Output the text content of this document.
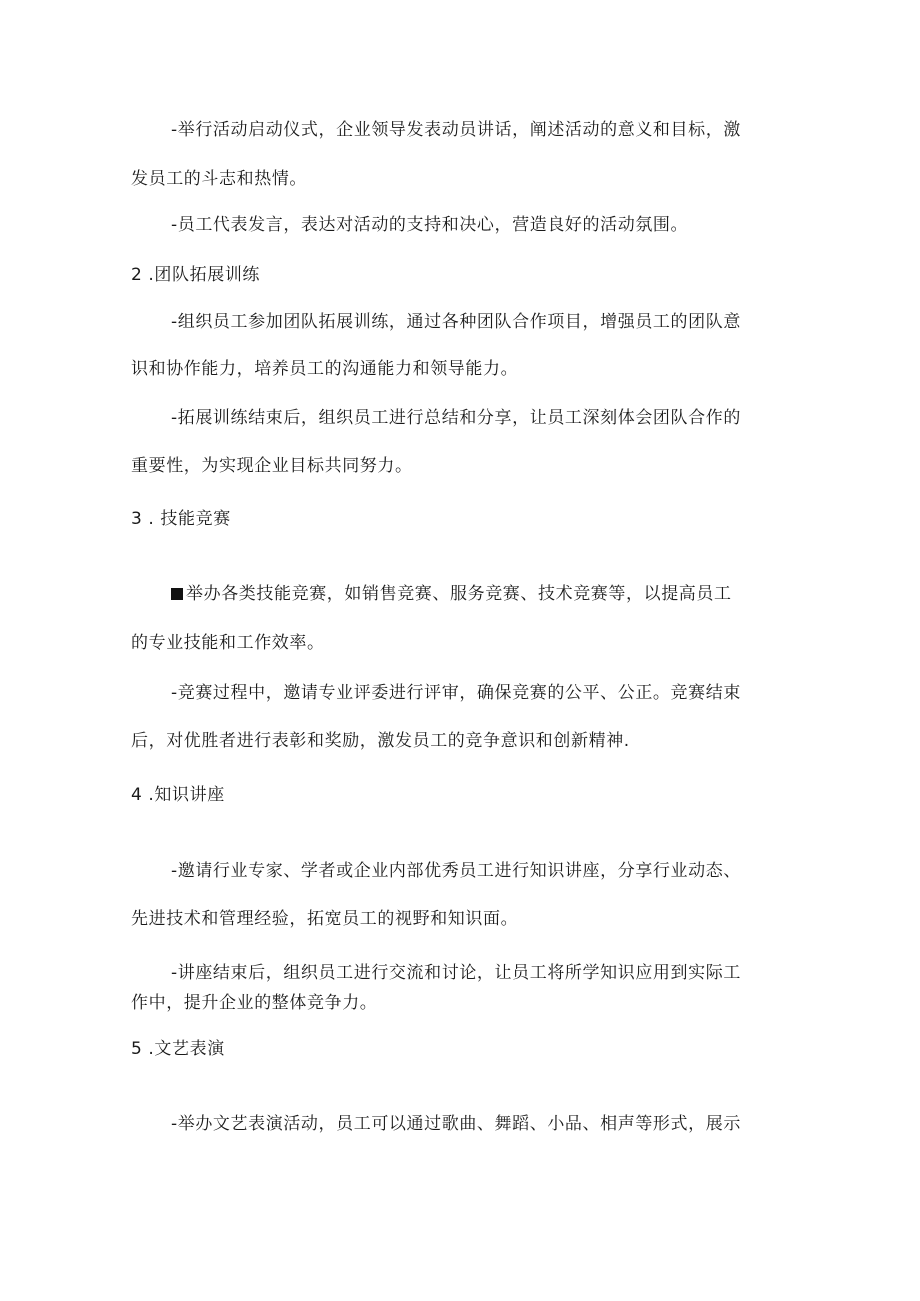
-举行活动启动仪式，企业领导发表动员讲话，阐述活动的意义和目标，激
发员工的斗志和热情。
-员工代表发言，表达对活动的支持和决心，营造良好的活动氛围。
2 .团队拓展训练
-组织员工参加团队拓展训练，通过各种团队合作项目，增强员工的团队意
识和协作能力，培养员工的沟通能力和领导能力。
-拓展训练结束后，组织员工进行总结和分享，让员工深刻体会团队合作的
重要性，为实现企业目标共同努力。
3 . 技能竞赛
举办各类技能竞赛，如销售竞赛、服务竞赛、技术竞赛等，以提高员工
的专业技能和工作效率。
-竞赛过程中，邀请专业评委进行评审，确保竞赛的公平、公正。竞赛结束
后，对优胜者进行表彰和奖励，激发员工的竞争意识和创新精神.
4 .知识讲座
-邀请行业专家、学者或企业内部优秀员工进行知识讲座，分享行业动态、
先进技术和管理经验，拓宽员工的视野和知识面。
-讲座结束后，组织员工进行交流和讨论，让员工将所学知识应用到实际工
作中，提升企业的整体竞争力。
5 .文艺表演
-举办文艺表演活动，员工可以通过歌曲、舞蹈、小品、相声等形式，展示
